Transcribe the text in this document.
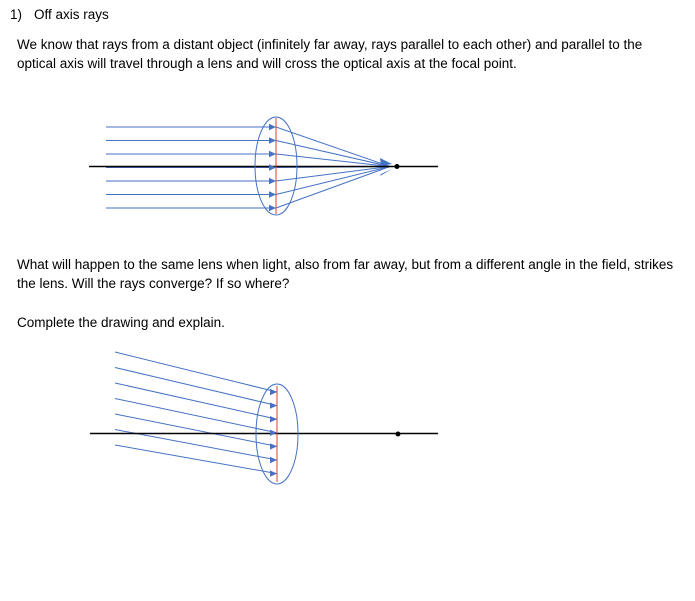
1) Off axis rays
We know that rays from a distant object (infinitely far away, rays parallel to each other) and parallel to the optical axis will travel through a lens and will cross the optical axis at the focal point.
What will happen to the same lens when light, also from far away, but from a different angle in the field, strikes the lens. Will the rays converge? If so where?
Complete the drawing and explain.
